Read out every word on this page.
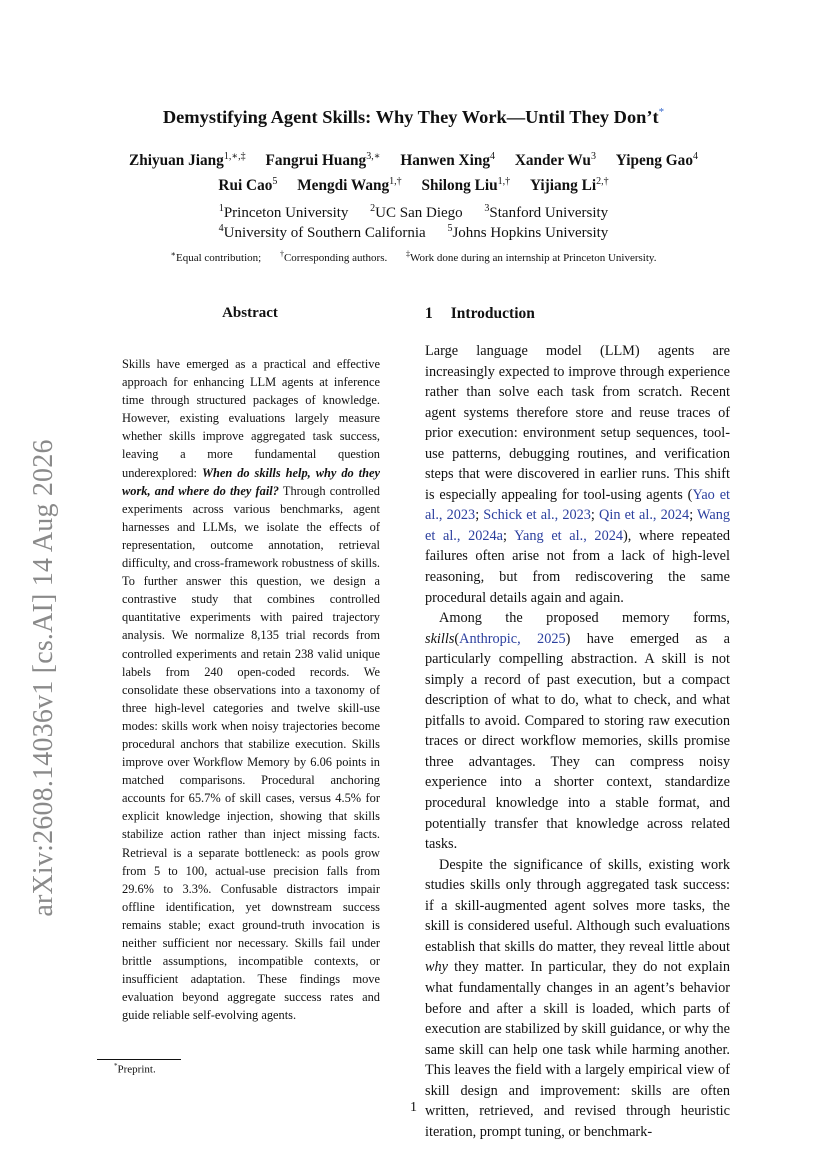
arXiv:2608.14036v1 [cs.AI] 14 Aug 2026
Demystifying Agent Skills: Why They Work—Until They Don’t*
Zhiyuan Jiang$^{1,∗,\ddagger}$ Fangrui Huang$^{3,∗}$ Hanwen Xing$^4$ Xander Wu$^3$ Yipeng Gao$^4$
Rui Cao$^5$ Mengdi Wang$^{1,\dagger}$ Shilong Liu$^{1,\dagger}$ Yijiang $Li^{2,\dagger}$
$^1$Princeton University $^2$UC San Diego $^3$Stanford University
$^4$University of Southern California $^5$Johns Hopkins University
∗Equal contribution; †Corresponding authors. ‡Work done during an internship at Princeton University.
Abstract
Skills have emerged as a practical and effective approach for enhancing LLM agents at inference time through structured packages of knowledge. However, existing evaluations largely measure whether skills improve aggregated task success, leaving a more fundamental question underexplored: When do skills help, why do they work, and where do they fail? Through controlled experiments across various benchmarks, agent harnesses and LLMs, we isolate the effects of representation, outcome annotation, retrieval difficulty, and cross-framework robustness of skills. To further answer this question, we design a contrastive study that combines controlled quantitative experiments with paired trajectory analysis. We normalize 8,135 trial records from controlled experiments and retain 238 valid unique labels from 240 open-coded records. We consolidate these observations into a taxonomy of three high-level categories and twelve skill-use modes: skills work when noisy trajectories become procedural anchors that stabilize execution. Skills improve over Workflow Memory by 6.06 points in matched comparisons. Procedural anchoring accounts for 65.7% of skill cases, versus 4.5% for explicit knowledge injection, showing that skills stabilize action rather than inject missing facts. Retrieval is a separate bottleneck: as pools grow from 5 to 100, actual-use precision falls from 29.6% to 3.3%. Confusable distractors impair offline identification, yet downstream success remains stable; exact ground-truth invocation is neither sufficient nor necessary. Skills fail under brittle assumptions, incompatible contexts, or insufficient adaptation. These findings move evaluation beyond aggregate success rates and guide reliable self-evolving agents.
1 Introduction

Large language model (LLM) agents are increasingly expected to improve through experience rather than solve each task from scratch. Recent agent systems therefore store and reuse traces of prior execution: environment setup sequences, tool-use patterns, debugging routines, and verification steps that were discovered in earlier runs. This shift is especially appealing for tool-using agents (Yao et al., 2023; Schick et al., 2023; Qin et al., 2024; Wang et al., 2024a; Yang et al., 2024), where repeated failures often arise not from a lack of high-level reasoning, but from rediscovering the same procedural details again and again.

Among the proposed memory forms, skills(Anthropic, 2025) have emerged as a particularly compelling abstraction. A skill is not simply a record of past execution, but a compact description of what to do, what to check, and what pitfalls to avoid. Compared to storing raw execution traces or direct workflow memories, skills promise three advantages. They can compress noisy experience into a shorter context, standardize procedural knowledge into a stable format, and potentially transfer that knowledge across related tasks.

Despite the significance of skills, existing work studies skills only through aggregated task success: if a skill-augmented agent solves more tasks, the skill is considered useful. Although such evaluations establish that skills do matter, they reveal little about why they matter. In particular, they do not explain what fundamentally changes in an agent’s behavior before and after a skill is loaded, which parts of execution are stabilized by skill guidance, or why the same skill can help one task while harming another. This leaves the field with a largely empirical view of skill design and improvement: skills are often written, retrieved, and revised through heuristic iteration, prompt tuning, or benchmark-

*Preprint.
1
